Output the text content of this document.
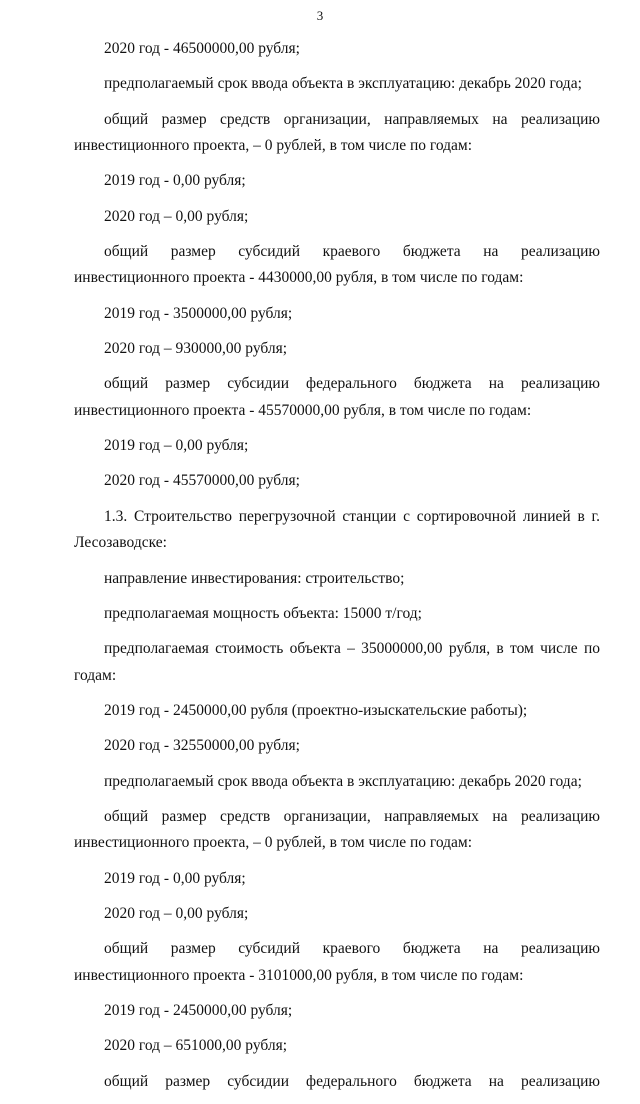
3

2020 год - 46500000,00 рубля;

предполагаемый срок ввода объекта в эксплуатацию: декабрь 2020 года;

общий размер средств организации, направляемых на реализацию инвестиционного проекта, – 0 рублей, в том числе по годам:

2019 год - 0,00 рубля;

2020 год – 0,00 рубля;

общий размер субсидий краевого бюджета на реализацию инвестиционного проекта - 4430000,00 рубля, в том числе по годам:

2019 год - 3500000,00 рубля;

2020 год – 930000,00 рубля;

общий размер субсидии федерального бюджета на реализацию инвестиционного проекта - 45570000,00 рубля, в том числе по годам:

2019 год – 0,00 рубля;

2020 год - 45570000,00 рубля;

1.3. Строительство перегрузочной станции с сортировочной линией в г. Лесозаводске:

направление инвестирования: строительство;

предполагаемая мощность объекта: 15000 т/год;

предполагаемая стоимость объекта – 35000000,00 рубля, в том числе по годам:

2019 год - 2450000,00 рубля (проектно-изыскательские работы);

2020 год - 32550000,00 рубля;

предполагаемый срок ввода объекта в эксплуатацию: декабрь 2020 года;

общий размер средств организации, направляемых на реализацию инвестиционного проекта, – 0 рублей, в том числе по годам:

2019 год - 0,00 рубля;

2020 год – 0,00 рубля;

общий размер субсидий краевого бюджета на реализацию инвестиционного проекта - 3101000,00 рубля, в том числе по годам:

2019 год - 2450000,00 рубля;

2020 год – 651000,00 рубля;

общий размер субсидии федерального бюджета на реализацию
